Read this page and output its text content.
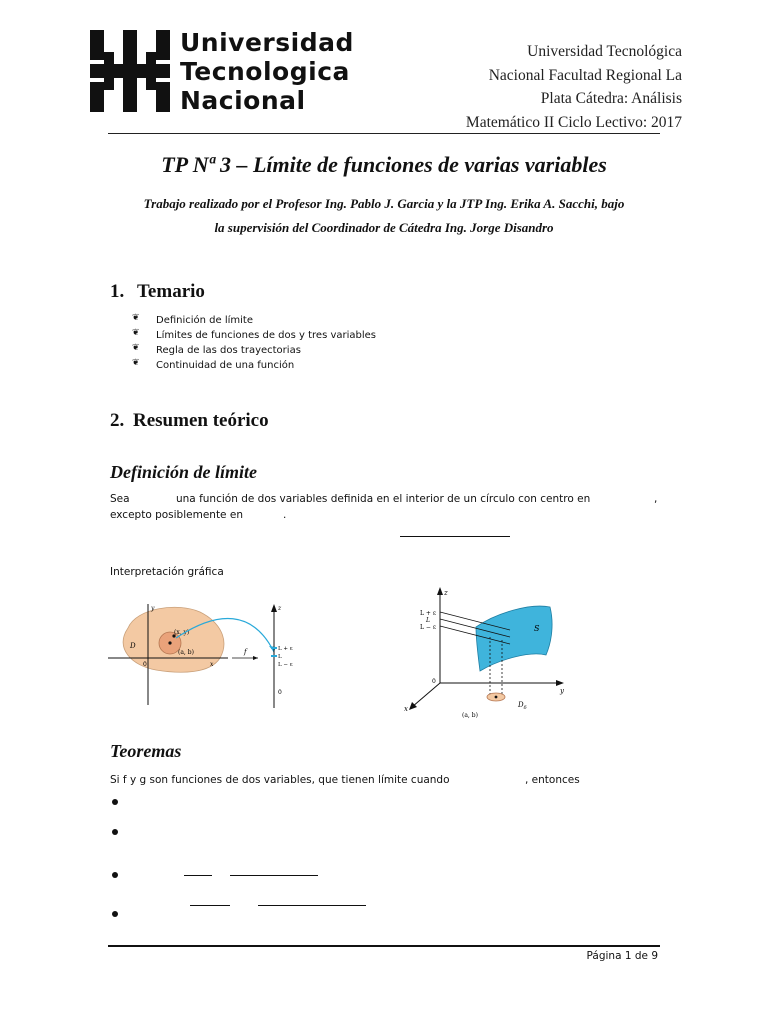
Universidad
Tecnologica
Nacional
Universidad Tecnológica
Nacional Facultad Regional La
Plata Cátedra: Análisis
Matemático II Ciclo Lectivo: 2017
TP Nª 3 – Límite de funciones de varias variables
Trabajo realizado por el Profesor Ing. Pablo J. Garcia y la JTP Ing. Erika A. Sacchi, bajo
la supervisión del Coordinador de Cátedra Ing. Jorge Disandro
1. Temario
❦ Definición de límite
❦ Límites de funciones de dos y tres variables
❦ Regla de las dos trayectorias
❦ Continuidad de una función
2. Resumen teórico
Definición de límite
Sea	una función de dos variables definida en el interior de un círculo con centro en	,
excepto posiblemente en	.
Interpretación gráfica
(x, y)
(a, b)
D
0	x
y
f	L + ε
L
L − ε
0
z
L + ε
L
L − ε	S
z
x
y
0
(a, b)
$D_\delta$
Teoremas
Si f y g son funciones de dos variables, que tienen límite cuando	, entonces
Página 1 de 9
